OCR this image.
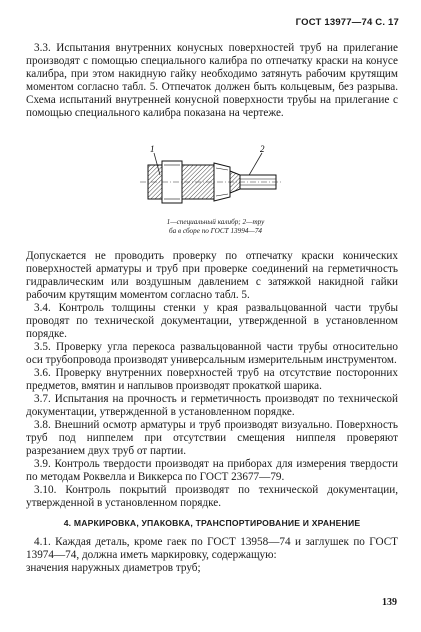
ГОСТ 13977—74 С. 17
3.3. Испытания внутренних конусных поверхностей труб на прилегание производят с помощью специального калибра по отпечатку краски на конусе калибра, при этом накидную гайку необходимо затянуть рабочим крутящим моментом согласно табл. 5. Отпечаток должен быть кольцевым, без разрыва. Схема испытаний внутренней конусной поверхности трубы на прилегание с помощью специального калибра показана на чертеже.
1	2
1—специальный калибр; 2—тру
ба в сборе по ГОСТ 13994—74
Допускается не проводить проверку по отпечатку краски конических поверхностей арматуры и труб при проверке соединений на герметичность гидравлическим или воздушным давлением с затяжкой накидной гайки рабочим крутящим моментом согласно табл. 5.
3.4. Контроль толщины стенки у края развальцованной части трубы проводят по технической документации, утвержденной в установленном порядке.
3.5. Проверку угла перекоса развальцованной части трубы относительно оси трубопровода производят универсальным измерительным инструментом.
3.6. Проверку внутренних поверхностей труб на отсутствие посторонних предметов, вмятин и наплывов производят прокаткой шарика.
3.7. Испытания на прочность и герметичность производят по технической документации, утвержденной в установленном порядке.
3.8. Внешний осмотр арматуры и труб производят визуально. Поверхность труб под ниппелем при отсутствии смещения ниппеля проверяют разрезанием двух труб от партии.
3.9. Контроль твердости производят на приборах для измерения твердости по методам Роквелла и Виккерса по ГОСТ 23677—79.
3.10. Контроль покрытий производят по технической документации, утвержденной в установленном порядке.
4. МАРКИРОВКА, УПАКОВКА, ТРАНСПОРТИРОВАНИЕ И ХРАНЕНИЕ
4.1. Каждая деталь, кроме гаек по ГОСТ 13958—74 и заглушек по ГОСТ 13974—74, должна иметь маркировку, содержащую:
значения наружных диаметров труб;
139
